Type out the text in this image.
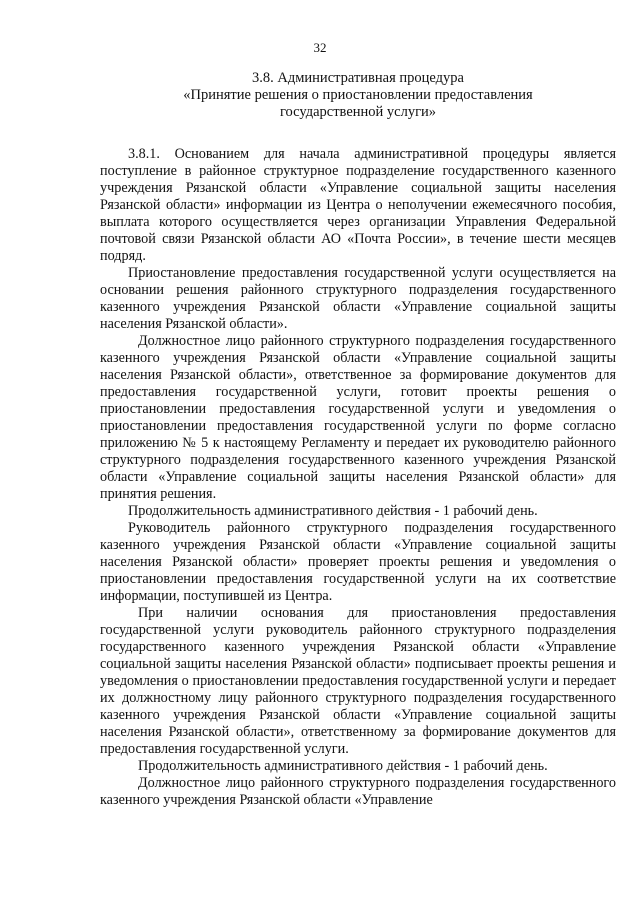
32
3.8. Административная процедура
«Принятие решения о приостановлении предоставления
государственной услуги»

3.8.1. Основанием для начала административной процедуры является поступление в районное структурное подразделение государственного казенного учреждения Рязанской области «Управление социальной защиты населения Рязанской области» информации из Центра о неполучении ежемесячного пособия, выплата которого осуществляется через организации Управления Федеральной почтовой связи Рязанской области АО «Почта России», в течение шести месяцев подряд.

Приостановление предоставления государственной услуги осуществляется на основании решения районного структурного подразделения государственного казенного учреждения Рязанской области «Управление социальной защиты населения Рязанской области».

Должностное лицо районного структурного подразделения государственного казенного учреждения Рязанской области «Управление социальной защиты населения Рязанской области», ответственное за формирование документов для предоставления государственной услуги, готовит проекты решения о приостановлении предоставления государственной услуги и уведомления о приостановлении предоставления государственной услуги по форме согласно приложению № 5 к настоящему Регламенту и передает их руководителю районного структурного подразделения государственного казенного учреждения Рязанской области «Управление социальной защиты населения Рязанской области» для принятия решения.

Продолжительность административного действия - 1 рабочий день.

Руководитель районного структурного подразделения государственного казенного учреждения Рязанской области «Управление социальной защиты населения Рязанской области» проверяет проекты решения и уведомления о приостановлении предоставления государственной услуги на их соответствие информации, поступившей из Центра.

При наличии основания для приостановления предоставления государственной услуги руководитель районного структурного подразделения государственного казенного учреждения Рязанской области «Управление социальной защиты населения Рязанской области» подписывает проекты решения и уведомления о приостановлении предоставления государственной услуги и передает их должностному лицу районного структурного подразделения государственного казенного учреждения Рязанской области «Управление социальной защиты населения Рязанской области», ответственному за формирование документов для предоставления государственной услуги.

Продолжительность административного действия - 1 рабочий день.

Должностное лицо районного структурного подразделения государственного казенного учреждения Рязанской области «Управление
